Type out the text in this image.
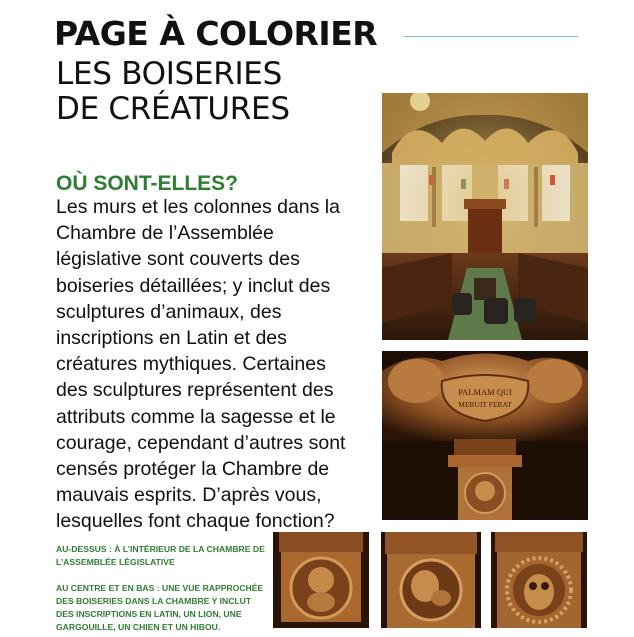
PAGE À COLORIER
LES BOISERIES
DE CRÉATURES
OÙ SONT-ELLES?
Les murs et les colonnes dans la Chambre de l’Assemblée législative sont couverts des boiseries détaillées; y inclut des sculptures d’animaux, des inscriptions en Latin et des créatures mythiques. Certaines des sculptures représentent des attributs comme la sagesse et le courage, cependant d’autres sont censés protéger la Chambre de mauvais esprits. D’après vous, lesquelles font chaque fonction?
AU-DESSUS : À L’INTÉRIEUR DE LA CHAMBRE DE L’ASSEMBLÉE LÉGISLATIVE
AU CENTRE ET EN BAS : UNE VUE RAPPROCHÉE DES BOISERIES DANS LA CHAMBRE Y INCLUT DES INSCRIPTIONS EN LATIN, UN LION, UNE GARGOUILLE, UN CHIEN ET UN HIBOU.
PALMAM QUI
MERUIT FERAT
